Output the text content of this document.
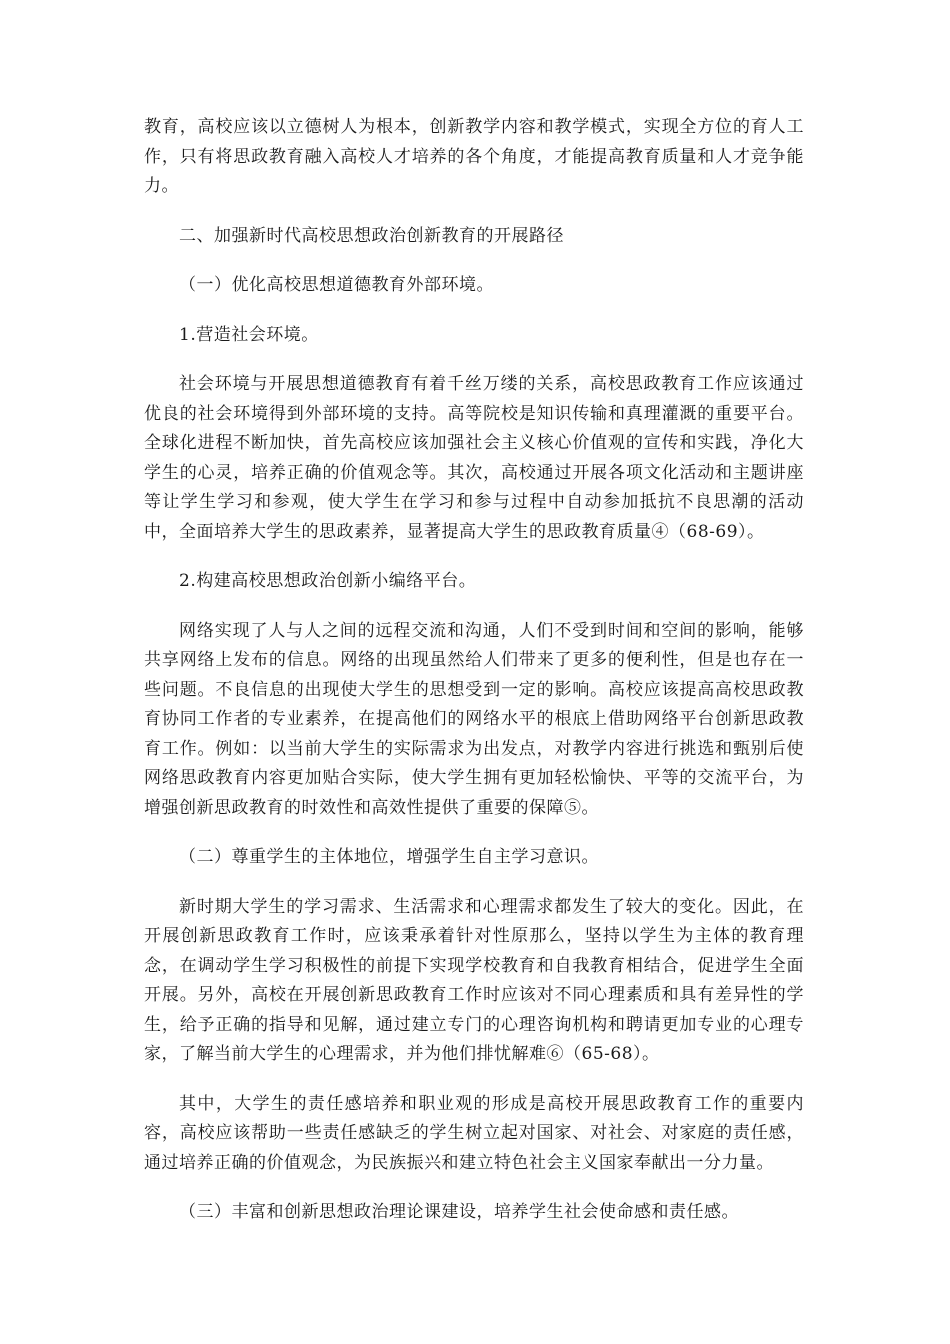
教育，高校应该以立德树人为根本，创新教学内容和教学模式，实现全方位的育人工作，只有将思政教育融入高校人才培养的各个角度，才能提高教育质量和人才竞争能力。

二、加强新时代高校思想政治创新教育的开展路径

（一）优化高校思想道德教育外部环境。

1.营造社会环境。

社会环境与开展思想道德教育有着千丝万缕的关系，高校思政教育工作应该通过优良的社会环境得到外部环境的支持。高等院校是知识传输和真理灌溉的重要平台。全球化进程不断加快，首先高校应该加强社会主义核心价值观的宣传和实践，净化大学生的心灵，培养正确的价值观念等。其次，高校通过开展各项文化活动和主题讲座等让学生学习和参观，使大学生在学习和参与过程中自动参加抵抗不良思潮的活动中，全面培养大学生的思政素养，显著提高大学生的思政教育质量④（68-69）。

2.构建高校思想政治创新小编络平台。

网络实现了人与人之间的远程交流和沟通，人们不受到时间和空间的影响，能够共享网络上发布的信息。网络的出现虽然给人们带来了更多的便利性，但是也存在一些问题。不良信息的出现使大学生的思想受到一定的影响。高校应该提高高校思政教育协同工作者的专业素养，在提高他们的网络水平的根底上借助网络平台创新思政教育工作。例如：以当前大学生的实际需求为出发点，对教学内容进行挑选和甄别后使网络思政教育内容更加贴合实际，使大学生拥有更加轻松愉快、平等的交流平台，为增强创新思政教育的时效性和高效性提供了重要的保障⑤。

（二）尊重学生的主体地位，增强学生自主学习意识。

新时期大学生的学习需求、生活需求和心理需求都发生了较大的变化。因此，在开展创新思政教育工作时，应该秉承着针对性原那么，坚持以学生为主体的教育理念，在调动学生学习积极性的前提下实现学校教育和自我教育相结合，促进学生全面开展。另外，高校在开展创新思政教育工作时应该对不同心理素质和具有差异性的学生，给予正确的指导和见解，通过建立专门的心理咨询机构和聘请更加专业的心理专家，了解当前大学生的心理需求，并为他们排忧解难⑥（65-68）。

其中，大学生的责任感培养和职业观的形成是高校开展思政教育工作的重要内容，高校应该帮助一些责任感缺乏的学生树立起对国家、对社会、对家庭的责任感，通过培养正确的价值观念，为民族振兴和建立特色社会主义国家奉献出一分力量。

（三）丰富和创新思想政治理论课建设，培养学生社会使命感和责任感。
